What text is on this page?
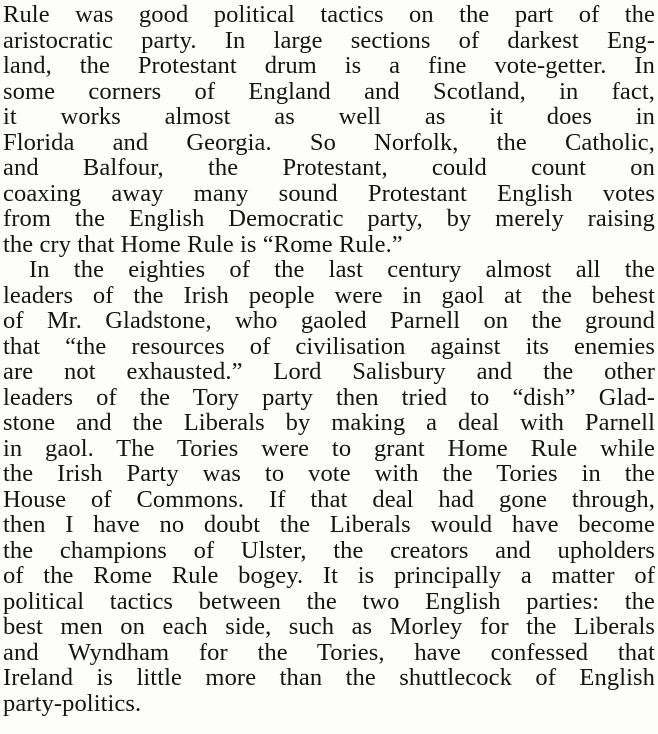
Rule was good political tactics on the part of the
aristocratic party. In large sections of darkest Eng-
land, the Protestant drum is a fine vote-getter. In
some corners of England and Scotland, in fact,
it works almost as well as it does in
Florida and Georgia. So Norfolk, the Catholic,
and Balfour, the Protestant, could count on
coaxing away many sound Protestant English votes
from the English Democratic party, by merely raising
the cry that Home Rule is “Rome Rule.”
In the eighties of the last century almost all the
leaders of the Irish people were in gaol at the behest
of Mr. Gladstone, who gaoled Parnell on the ground
that “the resources of civilisation against its enemies
are not exhausted.” Lord Salisbury and the other
leaders of the Tory party then tried to “dish” Glad-
stone and the Liberals by making a deal with Parnell
in gaol. The Tories were to grant Home Rule while
the Irish Party was to vote with the Tories in the
House of Commons. If that deal had gone through,
then I have no doubt the Liberals would have become
the champions of Ulster, the creators and upholders
of the Rome Rule bogey. It is principally a matter of
political tactics between the two English parties: the
best men on each side, such as Morley for the Liberals
and Wyndham for the Tories, have confessed that
Ireland is little more than the shuttlecock of English
party-politics.
